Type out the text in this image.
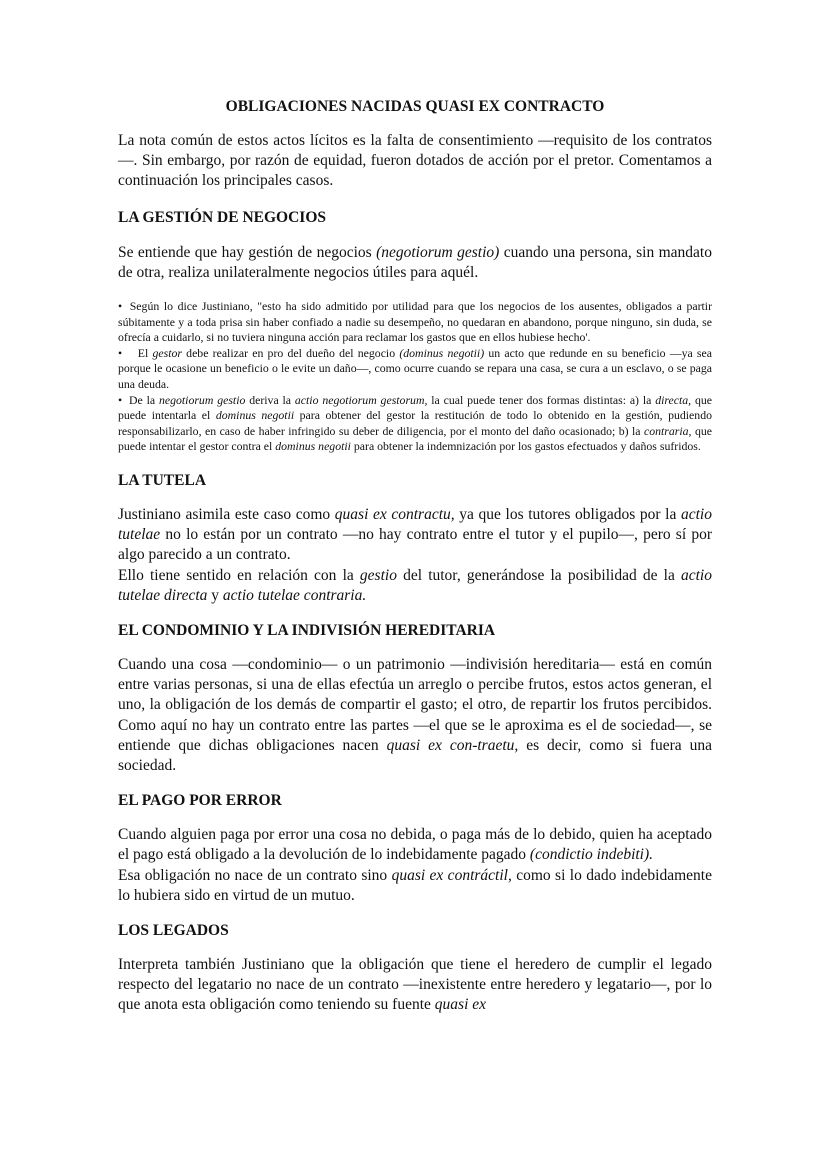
OBLIGACIONES NACIDAS QUASI EX CONTRACTO

La nota común de estos actos lícitos es la falta de consentimiento —requisito de los contratos—. Sin embargo, por razón de equidad, fueron dotados de acción por el pretor. Comentamos a continuación los principales casos.

LA GESTIÓN DE NEGOCIOS

Se entiende que hay gestión de negocios (negotiorum gestio) cuando una persona, sin mandato de otra, realiza unilateralmente negocios útiles para aquél.

• Según lo dice Justiniano, "esto ha sido admitido por utilidad para que los negocios de los ausentes, obligados a partir súbitamente y a toda prisa sin haber confiado a nadie su desempeño, no quedaran en abandono, porque ninguno, sin duda, se ofrecía a cuidarlo, si no tuviera ninguna acción para reclamar los gastos que en ellos hubiese hecho'.

• El gestor debe realizar en pro del dueño del negocio (dominus negotii) un acto que redunde en su beneficio —ya sea porque le ocasione un beneficio o le evite un daño—, como ocurre cuando se repara una casa, se cura a un esclavo, o se paga una deuda.

• De la negotiorum gestio deriva la actio negotiorum gestorum, la cual puede tener dos formas distintas: a) la directa, que puede intentarla el dominus negotii para obtener del gestor la restitución de todo lo obtenido en la gestión, pudiendo responsabilizarlo, en caso de haber infringido su deber de diligencia, por el monto del daño ocasionado; b) la contraria, que puede intentar el gestor contra el dominus negotii para obtener la indemnización por los gastos efectuados y daños sufridos.

LA TUTELA

Justiniano asimila este caso como quasi ex contractu, ya que los tutores obligados por la actio tutelae no lo están por un contrato —no hay contrato entre el tutor y el pupilo—, pero sí por algo parecido a un contrato.

Ello tiene sentido en relación con la gestio del tutor, generándose la posibilidad de la actio tutelae directa y actio tutelae contraria.

EL CONDOMINIO Y LA INDIVISIÓN HEREDITARIA

Cuando una cosa —condominio— o un patrimonio —indivisión hereditaria— está en común entre varias personas, si una de ellas efectúa un arreglo o percibe frutos, estos actos generan, el uno, la obligación de los demás de compartir el gasto; el otro, de repartir los frutos percibidos. Como aquí no hay un contrato entre las partes —el que se le aproxima es el de sociedad—, se entiende que dichas obligaciones nacen quasi ex con-traetu, es decir, como si fuera una sociedad.

EL PAGO POR ERROR

Cuando alguien paga por error una cosa no debida, o paga más de lo debido, quien ha aceptado el pago está obligado a la devolución de lo indebidamente pagado (condictio indebiti).

Esa obligación no nace de un contrato sino quasi ex contráctil, como si lo dado indebidamente lo hubiera sido en virtud de un mutuo.

LOS LEGADOS

Interpreta también Justiniano que la obligación que tiene el heredero de cumplir el legado respecto del legatario no nace de un contrato —inexistente entre heredero y legatario—, por lo que anota esta obligación como teniendo su fuente quasi ex
